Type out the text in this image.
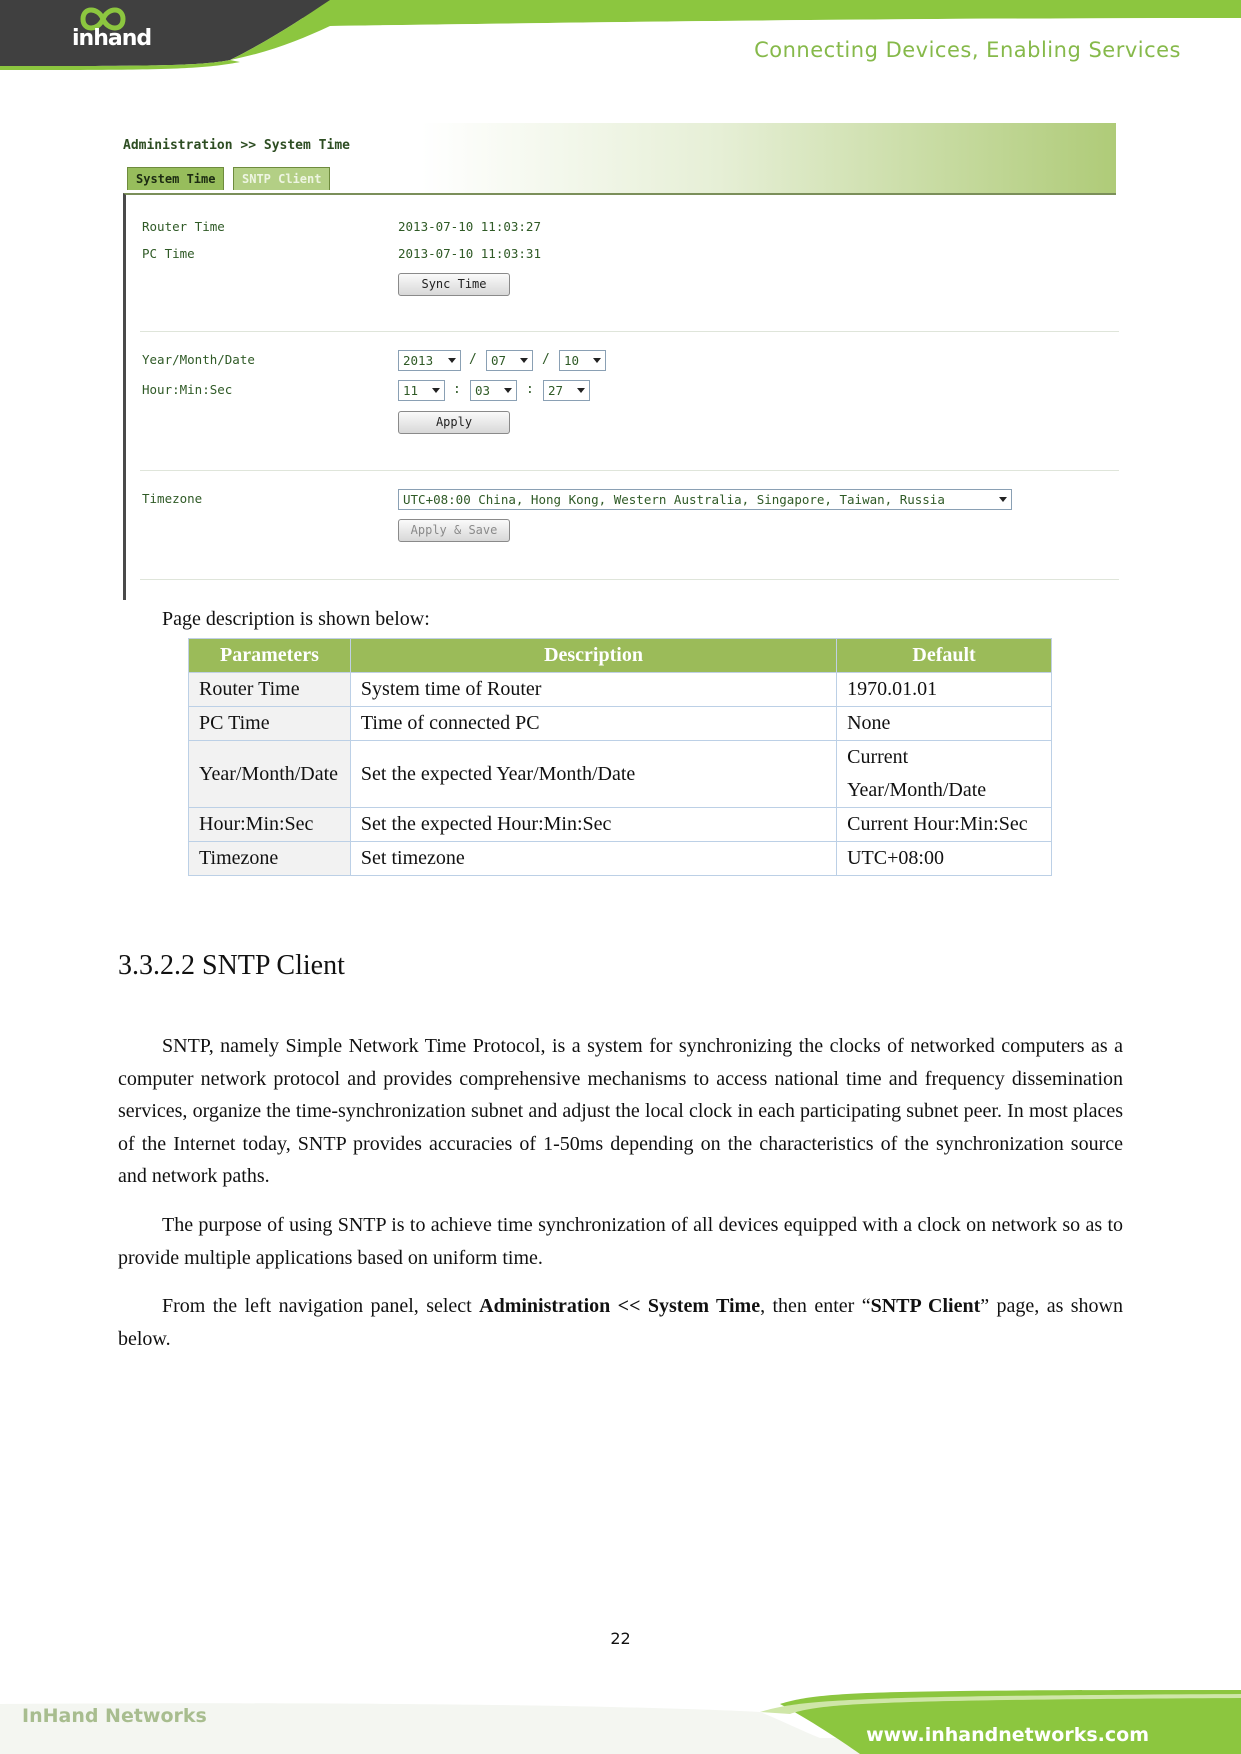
inhand	Connecting Devices, Enabling Services
Administration >> System Time
System Time	SNTP Client
Router Time	2013-07-10 11:03:27
PC Time	2013-07-10 11:03:31
Sync Time
Year/Month/Date	2013	/	07	/	10
Hour:Min:Sec	11	:	03	:	27
Apply
Timezone	UTC+08:00 China, Hong Kong, Western Australia, Singapore, Taiwan, Russia
Apply & Save
Page description is shown below:
Parameters	Description	Default
Router Time	System time of Router	1970.01.01
PC Time	Time of connected PC	None
Year/Month/Date	Set the expected Year/Month/Date	Current Year/Month/Date
Hour:Min:Sec	Set the expected Hour:Min:Sec	Current Hour:Min:Sec
Timezone	Set timezone	UTC+08:00
3.3.2.2 SNTP Client

SNTP, namely Simple Network Time Protocol, is a system for synchronizing the clocks of networked computers as a computer network protocol and provides comprehensive mechanisms to access national time and frequency dissemination services, organize the time-synchronization subnet and adjust the local clock in each participating subnet peer. In most places of the Internet today, SNTP provides accuracies of 1-50ms depending on the characteristics of the synchronization source and network paths.

The purpose of using SNTP is to achieve time synchronization of all devices equipped with a clock on network so as to provide multiple applications based on uniform time.

From the left navigation panel, select Administration << System Time, then enter “SNTP Client” page, as shown below.

22
InHand Networks
www.inhandnetworks.com
